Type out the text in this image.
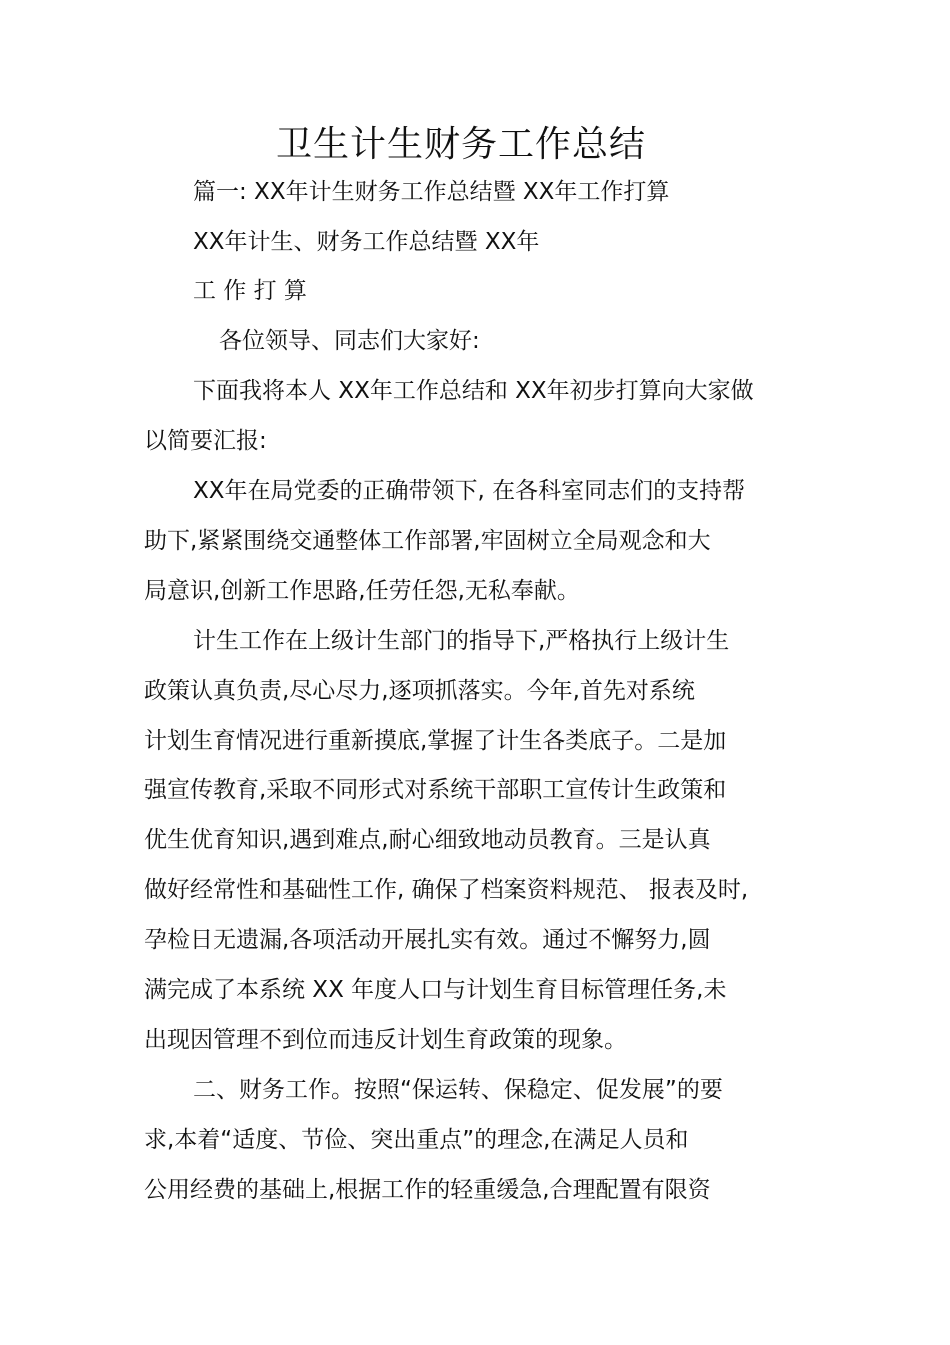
卫生计生财务工作总结
篇一: XX年计生财务工作总结暨 XX年工作打算
XX年计生、财务工作总结暨 XX年
工 作 打 算
各位领导、同志们大家好:
下面我将本人 XX年工作总结和 XX年初步打算向大家做
以简要汇报:
XX年在局党委的正确带领下, 在各科室同志们的支持帮
助下,紧紧围绕交通整体工作部署,牢固树立全局观念和大
局意识,创新工作思路,任劳任怨,无私奉献。
计生工作在上级计生部门的指导下,严格执行上级计生
政策认真负责,尽心尽力,逐项抓落实。今年,首先对系统
计划生育情况进行重新摸底,掌握了计生各类底子。二是加
强宣传教育,采取不同形式对系统干部职工宣传计生政策和
优生优育知识,遇到难点,耐心细致地动员教育。三是认真
做好经常性和基础性工作, 确保了档案资料规范、 报表及时,
孕检日无遗漏,各项活动开展扎实有效。通过不懈努力,圆
满完成了本系统 XX 年度人口与计划生育目标管理任务,未
出现因管理不到位而违反计划生育政策的现象。
二、财务工作。按照“保运转、保稳定、促发展”的要
求,本着“适度、节俭、突出重点”的理念,在满足人员和
公用经费的基础上,根据工作的轻重缓急,合理配置有限资
